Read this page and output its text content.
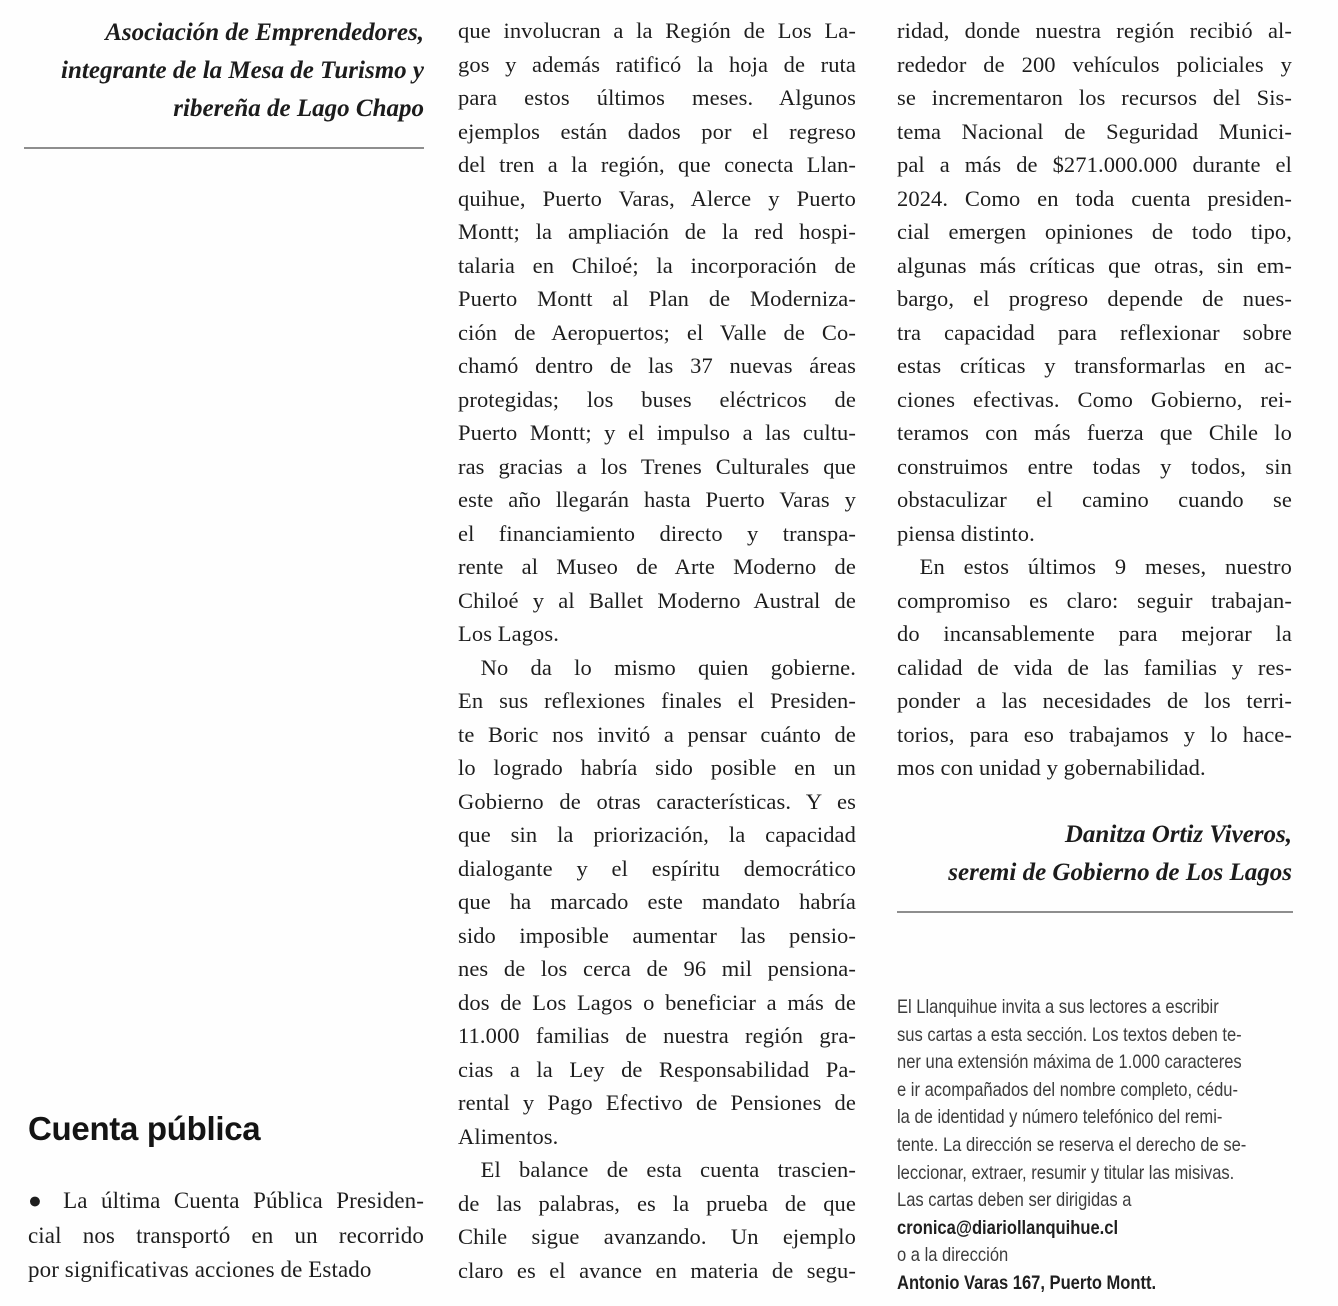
Asociación de Emprendedores,
integrante de la Mesa de Turismo y
ribereña de Lago Chapo
Cuenta pública
● La última Cuenta Pública Presiden-
cial nos transportó en un recorrido
por significativas acciones de Estado
que involucran a la Región de Los La-
gos y además ratificó la hoja de ruta
para estos últimos meses. Algunos
ejemplos están dados por el regreso
del tren a la región, que conecta Llan-
quihue, Puerto Varas, Alerce y Puerto
Montt; la ampliación de la red hospi-
talaria en Chiloé; la incorporación de
Puerto Montt al Plan de Moderniza-
ción de Aeropuertos; el Valle de Co-
chamó dentro de las 37 nuevas áreas
protegidas; los buses eléctricos de
Puerto Montt; y el impulso a las cultu-
ras gracias a los Trenes Culturales que
este año llegarán hasta Puerto Varas y
el financiamiento directo y transpa-
rente al Museo de Arte Moderno de
Chiloé y al Ballet Moderno Austral de
Los Lagos.
 No da lo mismo quien gobierne.
En sus reflexiones finales el Presiden-
te Boric nos invitó a pensar cuánto de
lo logrado habría sido posible en un
Gobierno de otras características. Y es
que sin la priorización, la capacidad
dialogante y el espíritu democrático
que ha marcado este mandato habría
sido imposible aumentar las pensio-
nes de los cerca de 96 mil pensiona-
dos de Los Lagos o beneficiar a más de
11.000 familias de nuestra región gra-
cias a la Ley de Responsabilidad Pa-
rental y Pago Efectivo de Pensiones de
Alimentos.
 El balance de esta cuenta trascien-
de las palabras, es la prueba de que
Chile sigue avanzando. Un ejemplo
claro es el avance en materia de segu-
ridad, donde nuestra región recibió al-
rededor de 200 vehículos policiales y
se incrementaron los recursos del Sis-
tema Nacional de Seguridad Munici-
pal a más de $271.000.000 durante el
2024. Como en toda cuenta presiden-
cial emergen opiniones de todo tipo,
algunas más críticas que otras, sin em-
bargo, el progreso depende de nues-
tra capacidad para reflexionar sobre
estas críticas y transformarlas en ac-
ciones efectivas. Como Gobierno, rei-
teramos con más fuerza que Chile lo
construimos entre todas y todos, sin
obstaculizar el camino cuando se
piensa distinto.
 En estos últimos 9 meses, nuestro
compromiso es claro: seguir trabajan-
do incansablemente para mejorar la
calidad de vida de las familias y res-
ponder a las necesidades de los terri-
torios, para eso trabajamos y lo hace-
mos con unidad y gobernabilidad.
Danitza Ortiz Viveros,
seremi de Gobierno de Los Lagos
El Llanquihue invita a sus lectores a escribir
sus cartas a esta sección. Los textos deben te-
ner una extensión máxima de 1.000 caracteres
e ir acompañados del nombre completo, cédu-
la de identidad y número telefónico del remi-
tente. La dirección se reserva el derecho de se-
leccionar, extraer, resumir y titular las misivas.
Las cartas deben ser dirigidas a
cronica@diariollanquihue.cl
o a la dirección
Antonio Varas 167, Puerto Montt.
